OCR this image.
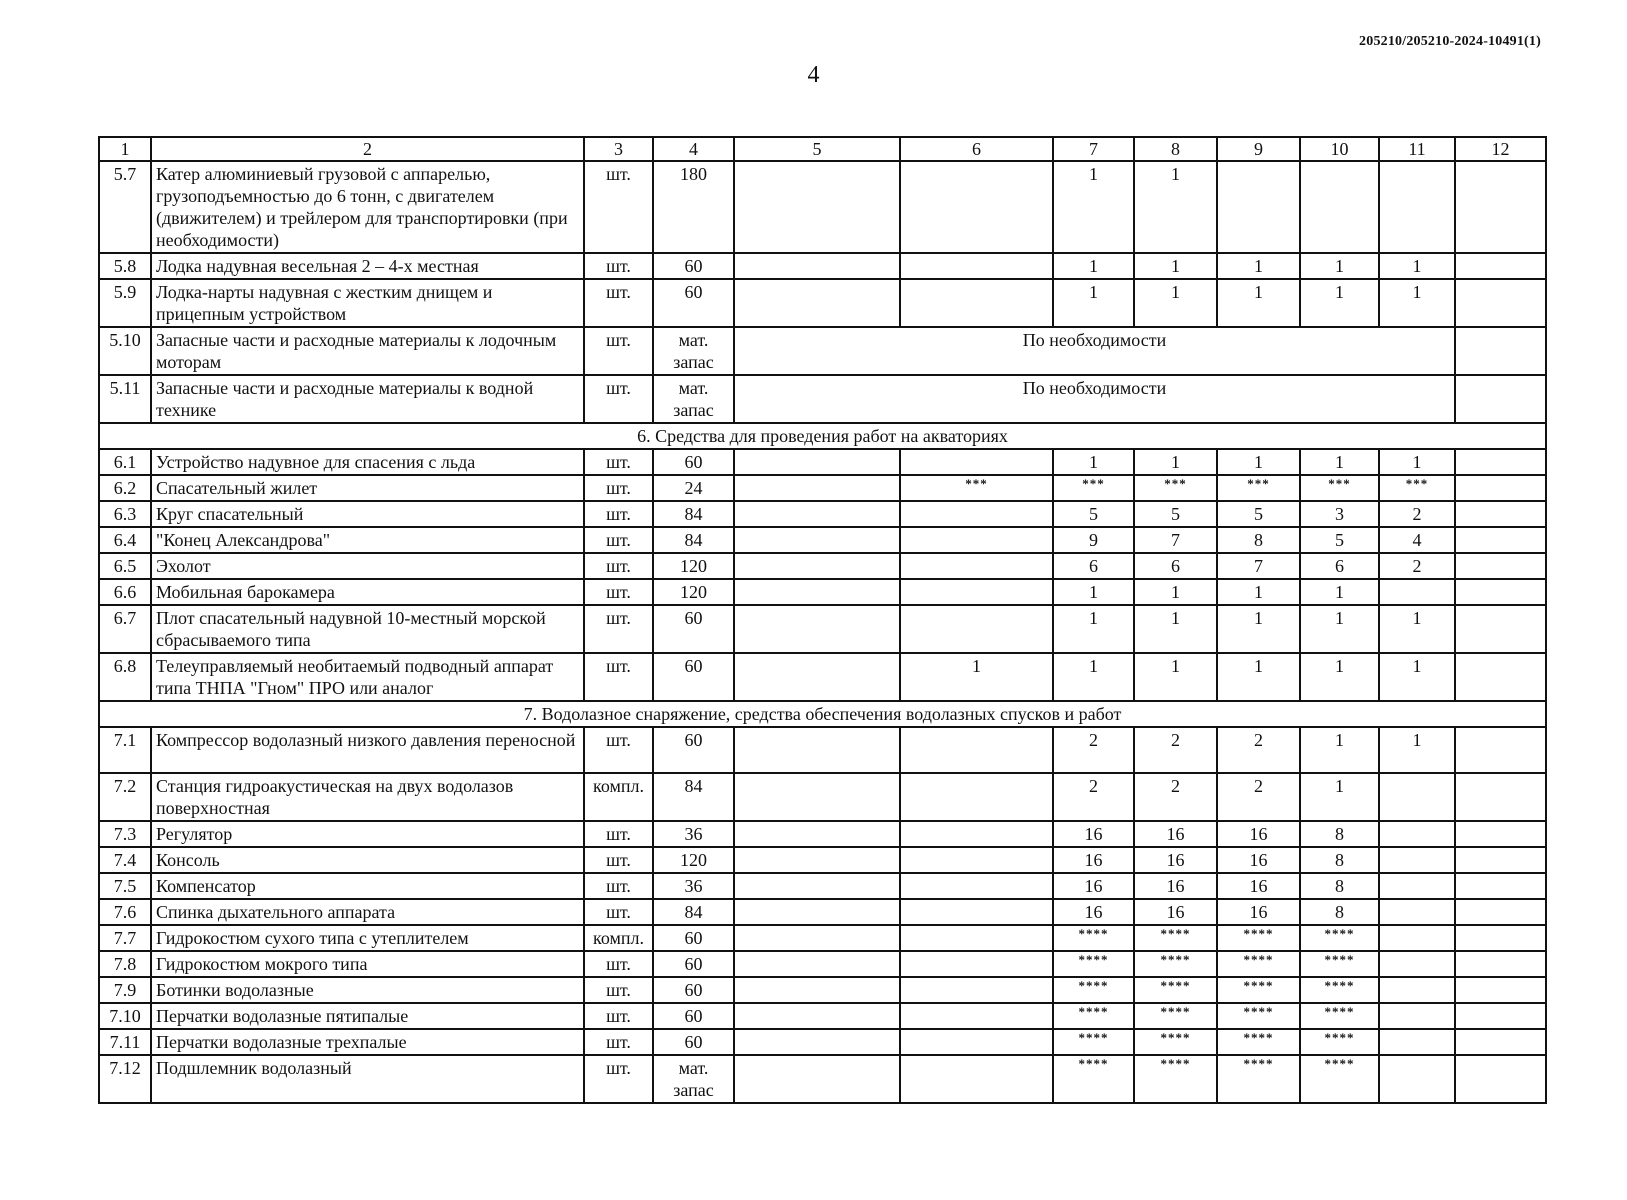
205210/205210-2024-10491(1)
4
1	2	3	4	5	6	7	8	9	10	11	12
5.7	Катер алюминиевый грузовой с аппарелью, грузоподъемностью до 6 тонн, с двигателем (движителем) и трейлером для транспортировки (при необходимости)	шт.	180			1	1				
5.8	Лодка надувная весельная 2 – 4-х местная	шт.	60			1	1	1	1	1	
5.9	Лодка-нарты надувная с жестким днищем и прицепным устройством	шт.	60			1	1	1	1	1	
5.10	Запасные части и расходные материалы к лодочным моторам	шт.	мат. запас	По необходимости							
5.11	Запасные части и расходные материалы к водной технике	шт.	мат. запас	По необходимости							
6. Средства для проведения работ на акваториях											
6.1	Устройство надувное для спасения с льда	шт.	60			1	1	1	1	1	
6.2	Спасательный жилет	шт.	24		***	***	***	***	***	***	
6.3	Круг спасательный	шт.	84			5	5	5	3	2	
6.4	"Конец Александрова"	шт.	84			9	7	8	5	4	
6.5	Эхолот	шт.	120			6	6	7	6	2	
6.6	Мобильная барокамера	шт.	120			1	1	1	1		
6.7	Плот спасательный надувной 10-местный морской сбрасываемого типа	шт.	60			1	1	1	1	1	
6.8	Телеуправляемый необитаемый подводный аппарат типа ТНПА "Гном" ПРО или аналог	шт.	60		1	1	1	1	1	1	
7. Водолазное снаряжение, средства обеспечения водолазных спусков и работ											
7.1	Компрессор водолазный низкого давления переносной	шт.	60			2	2	2	1	1	
7.2	Станция гидроакустическая на двух водолазов поверхностная	компл.	84			2	2	2	1		
7.3	Регулятор	шт.	36			16	16	16	8		
7.4	Консоль	шт.	120			16	16	16	8		
7.5	Компенсатор	шт.	36			16	16	16	8		
7.6	Спинка дыхательного аппарата	шт.	84			16	16	16	8		
7.7	Гидрокостюм сухого типа с утеплителем	компл.	60			****	****	****	****		
7.8	Гидрокостюм мокрого типа	шт.	60			****	****	****	****		
7.9	Ботинки водолазные	шт.	60			****	****	****	****		
7.10	Перчатки водолазные пятипалые	шт.	60			****	****	****	****		
7.11	Перчатки водолазные трехпалые	шт.	60			****	****	****	****		
7.12	Подшлемник водолазный	шт.	мат. запас			****	****	****	****		
